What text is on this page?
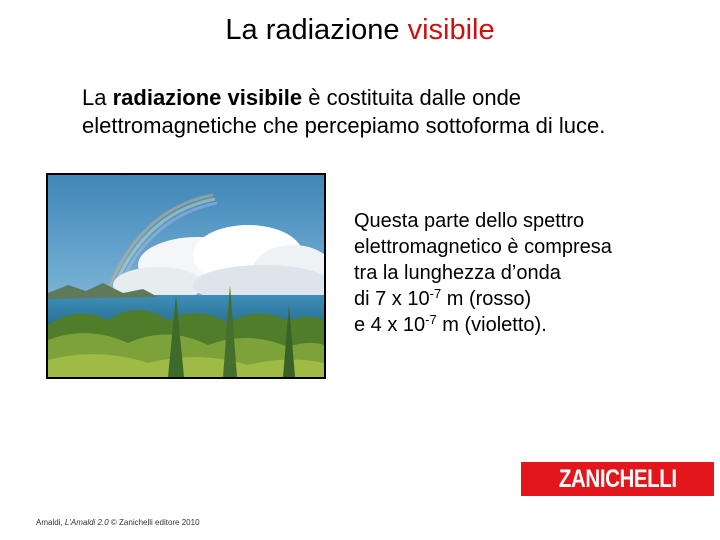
La radiazione visibile
La radiazione visibile è costituita dalle onde elettromagnetiche che percepiamo sottoforma di luce.
Questa parte dello spettro
elettromagnetico è compresa
tra la lunghezza d’onda
di 7 x $10^{-7}$ m (rosso)
e 4 x $10^{-7}$ m (violetto).
ZANICHELLI
Amaldi, L'Amaldi 2.0 © Zanichelli editore 2010
